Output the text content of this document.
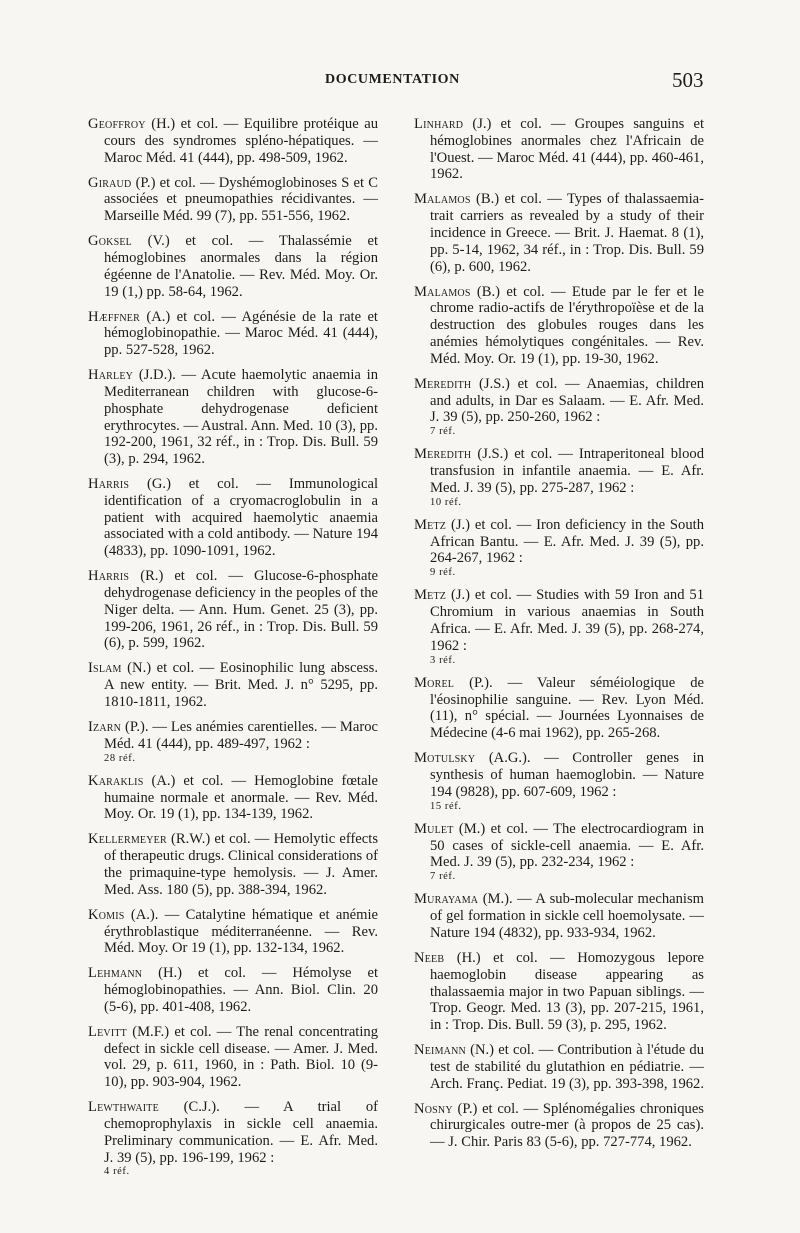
DOCUMENTATION	503

Geoffroy (H.) et col. — Equilibre protéique au cours des syndromes spléno-hépatiques. — Maroc Méd. 41 (444), pp. 498-509, 1962.

Giraud (P.) et col. — Dyshémoglobinoses S et C associées et pneumopathies récidivantes. — Marseille Méd. 99 (7), pp. 551-556, 1962.

Goksel (V.) et col. — Thalassémie et hémoglobines anormales dans la région égéenne de l'Anatolie. — Rev. Méd. Moy. Or. 19 (1,) pp. 58-64, 1962.

Hæffner (A.) et col. — Agénésie de la rate et hémoglobinopathie. — Maroc Méd. 41 (444), pp. 527-528, 1962.

Harley (J.D.). — Acute haemolytic anaemia in Mediterranean children with glucose-6-phosphate dehydrogenase deficient erythrocytes. — Austral. Ann. Med. 10 (3), pp. 192-200, 1961, 32 réf., in : Trop. Dis. Bull. 59 (3), p. 294, 1962.

Harris (G.) et col. — Immunological identification of a cryomacroglobulin in a patient with acquired haemolytic anaemia associated with a cold antibody. — Nature 194 (4833), pp. 1090-1091, 1962.

Harris (R.) et col. — Glucose-6-phosphate dehydrogenase deficiency in the peoples of the Niger delta. — Ann. Hum. Genet. 25 (3), pp. 199-206, 1961, 26 réf., in : Trop. Dis. Bull. 59 (6), p. 599, 1962.

Islam (N.) et col. — Eosinophilic lung abscess. A new entity. — Brit. Med. J. n° 5295, pp. 1810-1811, 1962.

Izarn (P.). — Les anémies carentielles. — Maroc Méd. 41 (444), pp. 489-497, 1962 :
28 réf.

Karaklis (A.) et col. — Hemoglobine fœtale humaine normale et anormale. — Rev. Méd. Moy. Or. 19 (1), pp. 134-139, 1962.

Kellermeyer (R.W.) et col. — Hemolytic effects of therapeutic drugs. Clinical considerations of the primaquine-type hemolysis. — J. Amer. Med. Ass. 180 (5), pp. 388-394, 1962.

Komis (A.). — Catalytine hématique et anémie érythroblastique méditerranéenne. — Rev. Méd. Moy. Or 19 (1), pp. 132-134, 1962.

Lehmann (H.) et col. — Hémolyse et hémoglobinopathies. — Ann. Biol. Clin. 20 (5-6), pp. 401-408, 1962.

Levitt (M.F.) et col. — The renal concentrating defect in sickle cell disease. — Amer. J. Med. vol. 29, p. 611, 1960, in : Path. Biol. 10 (9-10), pp. 903-904, 1962.

Lewthwaite (C.J.). — A trial of chemoprophylaxis in sickle cell anaemia. Preliminary communication. — E. Afr. Med. J. 39 (5), pp. 196-199, 1962 :
4 réf.

Linhard (J.) et col. — Groupes sanguins et hémoglobines anormales chez l'Africain de l'Ouest. — Maroc Méd. 41 (444), pp. 460-461, 1962.

Malamos (B.) et col. — Types of thalassaemia-trait carriers as revealed by a study of their incidence in Greece. — Brit. J. Haemat. 8 (1), pp. 5-14, 1962, 34 réf., in : Trop. Dis. Bull. 59 (6), p. 600, 1962.

Malamos (B.) et col. — Etude par le fer et le chrome radio-actifs de l'érythropoïèse et de la destruction des globules rouges dans les anémies hémolytiques congénitales. — Rev. Méd. Moy. Or. 19 (1), pp. 19-30, 1962.

Meredith (J.S.) et col. — Anaemias, children and adults, in Dar es Salaam. — E. Afr. Med. J. 39 (5), pp. 250-260, 1962 :
7 réf.

Meredith (J.S.) et col. — Intraperitoneal blood transfusion in infantile anaemia. — E. Afr. Med. J. 39 (5), pp. 275-287, 1962 :
10 réf.

Metz (J.) et col. — Iron deficiency in the South African Bantu. — E. Afr. Med. J. 39 (5), pp. 264-267, 1962 :
9 réf.

Metz (J.) et col. — Studies with 59 Iron and 51 Chromium in various anaemias in South Africa. — E. Afr. Med. J. 39 (5), pp. 268-274, 1962 :
3 réf.

Morel (P.). — Valeur séméiologique de l'éosinophilie sanguine. — Rev. Lyon Méd. (11), n° spécial. — Journées Lyonnaises de Médecine (4-6 mai 1962), pp. 265-268.

Motulsky (A.G.). — Controller genes in synthesis of human haemoglobin. — Nature 194 (9828), pp. 607-609, 1962 :
15 réf.

Mulet (M.) et col. — The electrocardiogram in 50 cases of sickle-cell anaemia. — E. Afr. Med. J. 39 (5), pp. 232-234, 1962 :
7 réf.

Murayama (M.). — A sub-molecular mechanism of gel formation in sickle cell hoemolysate. — Nature 194 (4832), pp. 933-934, 1962.

Neeb (H.) et col. — Homozygous lepore haemoglobin disease appearing as thalassaemia major in two Papuan siblings. — Trop. Geogr. Med. 13 (3), pp. 207-215, 1961, in : Trop. Dis. Bull. 59 (3), p. 295, 1962.

Neimann (N.) et col. — Contribution à l'étude du test de stabilité du glutathion en pédiatrie. — Arch. Franç. Pediat. 19 (3), pp. 393-398, 1962.

Nosny (P.) et col. — Splénomégalies chroniques chirurgicales outre-mer (à propos de 25 cas). — J. Chir. Paris 83 (5-6), pp. 727-774, 1962.
